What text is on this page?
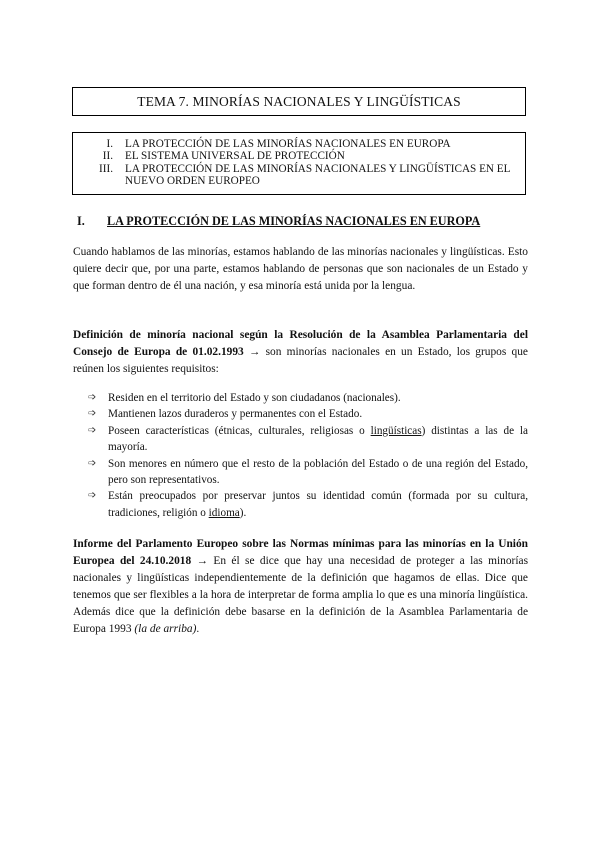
TEMA 7. MINORÍAS NACIONALES Y LINGÜÍSTICAS
I.	LA PROTECCIÓN DE LAS MINORÍAS NACIONALES EN EUROPA
II.	EL SISTEMA UNIVERSAL DE PROTECCIÓN
III.	LA PROTECCIÓN DE LAS MINORÍAS NACIONALES Y LINGÜÍSTICAS EN EL NUEVO ORDEN EUROPEO
I. LA PROTECCIÓN DE LAS MINORÍAS NACIONALES EN EUROPA

Cuando hablamos de las minorías, estamos hablando de las minorías nacionales y lingüísticas. Esto quiere decir que, por una parte, estamos hablando de personas que son nacionales de un Estado y que forman dentro de él una nación, y esa minoría está unida por la lengua.

Definición de minoría nacional según la Resolución de la Asamblea Parlamentaria del Consejo de Europa de 01.02.1993 → son minorías nacionales en un Estado, los grupos que reúnen los siguientes requisitos:

➩ Residen en el territorio del Estado y son ciudadanos (nacionales).
➩ Mantienen lazos duraderos y permanentes con el Estado.
➩ Poseen características (étnicas, culturales, religiosas o lingüísticas) distintas a las de la mayoría.
➩ Son menores en número que el resto de la población del Estado o de una región del Estado, pero son representativos.
➩ Están preocupados por preservar juntos su identidad común (formada por su cultura, tradiciones, religión o idioma).

Informe del Parlamento Europeo sobre las Normas mínimas para las minorías en la Unión Europea del 24.10.2018 → En él se dice que hay una necesidad de proteger a las minorías nacionales y lingüísticas independientemente de la definición que hagamos de ellas. Dice que tenemos que ser flexibles a la hora de interpretar de forma amplia lo que es una minoría lingüística. Además dice que la definición debe basarse en la definición de la Asamblea Parlamentaria de Europa 1993 (la de arriba).
